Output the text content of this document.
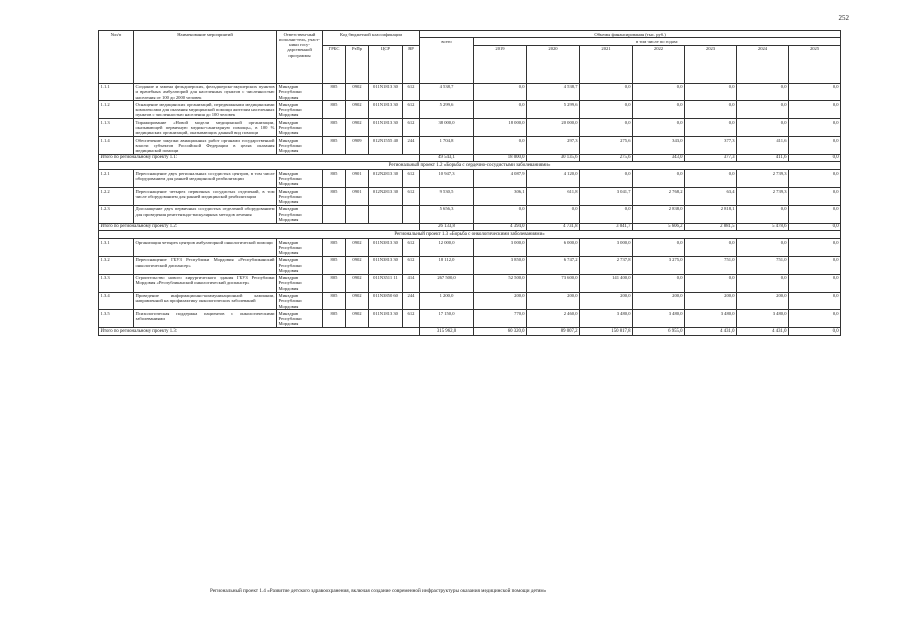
252
№п/п	Наименование мероприятий	Ответствен-ный исполни-тель, участ-ники госу-дарственной программы	Код бюджетной классификации				Объемы финансирования (тыс. руб.)							
							всего	в том числе по годам:						
			ГРБС	РзПр	ЦСР	ВР		2019	2020	2021	2022	2023	2024	2025
1.1.1	Создание и замена фельдшерских, фельдшерско-акушерских пунктов и врачебных амбулаторий для населенных пунктов с численностью населения от 100 до 2000 человек	Минздрав Республики Мордовия	805	0902	011N1813 30	612	4 538,7	0,0	4 538,7	0,0	0,0	0,0	0,0	0,0
1.1.2	Оснащение медицинских организаций, передвижными медицинскими комплексами для оказания медицинской помощи жителям населенных пунктов с численностью населения до 100 человек	Минздрав Республики Мордовия	805	0902	011N1813 30	612	5 299,6	0,0	5 299,6	0,0	0,0	0,0	0,0	0,0
1.1.3	Тиражирование «Новой модели медицинской организации, оказывающей первичную медико-санитарную помощь», в 100 % медицинских организаций, оказывающих данный вид помощи	Минздрав Республики Мордовия	805	0902	011N1813 30	612	38 000,0	18 000,0	20 000,0	0,0	0,0	0,0	0,0	0,0
1.1.4	Обеспечение закупки авиационных работ органами государственной власти субъектов Российской Федерации в целях оказания медицинской помощи	Минздрав Республики Мордовия	805	0909	012N1555 40	244	1 704,8	0,0	297,3	275,6	343,0	377,3	411,6	0,0
Итого по региональному проекту 1.1:							49 543,1	18 000,0	30 135,6	275,6	343,0	377,3	411,6	0,0
Региональный проект 1.2 «Борьба с сердечно-сосудистыми заболеваниями»														
1.2.1	Переоснащение двух региональных сосудистых центров, в том числе оборудованием для ранней медицинской реабилитации	Минздрав Республики Мордовия	805	0901	012N2813 30	612	10 947,3	4 087,9	4 120,0	0,0	0,0	0,0	2 739,3	0,0
1.2.2	Переоснащение четырех первичных сосудистых отделений, в том числе оборудованием для ранней медицинской реабилитации	Минздрав Республики Мордовия	805	0901	012N2813 30	612	9 530,5	306,1	611,8	3 041,7	2 768,2	63,4	2 739,3	0,0
1.2.3	Дооснащение двух первичных сосудистых отделений оборудованием для проведения рентгенэндо-васкулярных методов лечения	Минздрав Республики Мордовия					5 656,3	0,0	0,0	0,0	2 838,0	2 818,1	0,0	0,0
Итого по региональному проекту 1.2:							26 133,8	4 394,0	4 731,8	3 041,7	5 606,2	2 881,5	5 478,6	0,0
Региональный проект 1.3 «Борьба с онкологическими заболеваниями»														
1.3.1	Организация четырех центров амбулаторной онкологической помощи	Минздрав Республики Мордовия	805	0902	011N3813 30	612	12 000,0	3 000,0	6 000,0	3 000,0	0,0	0,0	0,0	0,0
1.3.2	Переоснащение ГБУЗ Республики Мордовия «Республиканский онкологический диспансер»	Минздрав Республики Мордовия	805	0902	011N3813 30	612	18 112,0	3 850,0	6 747,2	2 737,8	3 275,0	751,0	751,0	0,0
1.3.3	Строительство нового хирургического здания ГБУЗ Республики Мордовия «Республиканский онкологический диспансер»	Минздрав Республики Мордовия	805	0902	011N3511 11	414	267 500,0	52 500,0	73 600,0	141 400,0	0,0	0,0	0,0	0,0
1.3.4	Проведение информационно-коммуникационной кампании, направленной на профилактику онкологических заболеваний	Минздрав Республики Мордовия	805	0902	011N3850 60	244	1 200,0	200,0	200,0	200,0	200,0	200,0	200,0	0,0
1.3.5	Психологическая поддержка пациентов с онкологическими заболеваниями	Минздрав Республики Мордовия	805	0902	011N1813 30	612	17 150,0	770,0	2 460,0	3 480,0	3 480,0	3 480,0	3 480,0	0,0
Итого по региональному проекту 1.3:							315 962,0	60 320,0	89 007,2	150 817,8	6 955,0	4 431,0	4 431,0	0,0
Региональный проект 1.4 «Развитие детского здравоохранения, включая создание современной инфраструктуры оказания медицинской помощи детям»
